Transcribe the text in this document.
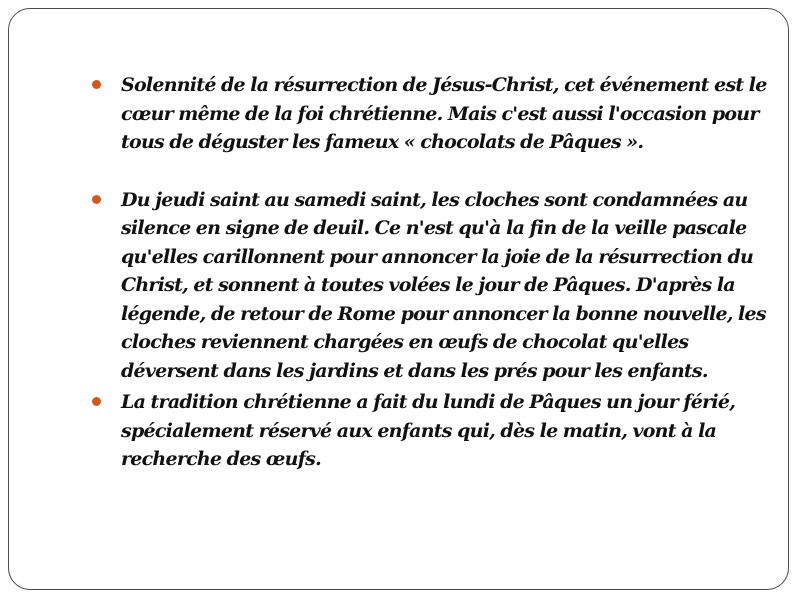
Solennité de la résurrection de Jésus-Christ, cet événement est le cœur même de la foi chrétienne. Mais c'est aussi l'occasion pour tous de déguster les fameux « chocolats de Pâques ».
Du jeudi saint au samedi saint, les cloches sont condamnées au silence en signe de deuil. Ce n'est qu'à la fin de la veille pascale qu'elles carillonnent pour annoncer la joie de la résurrection du Christ, et sonnent à toutes volées le jour de Pâques. D'après la légende, de retour de Rome pour annoncer la bonne nouvelle, les cloches reviennent chargées en œufs de chocolat qu'elles déversent dans les jardins et dans les prés pour les enfants.
La tradition chrétienne a fait du lundi de Pâques un jour férié, spécialement réservé aux enfants qui, dès le matin, vont à la recherche des œufs.
